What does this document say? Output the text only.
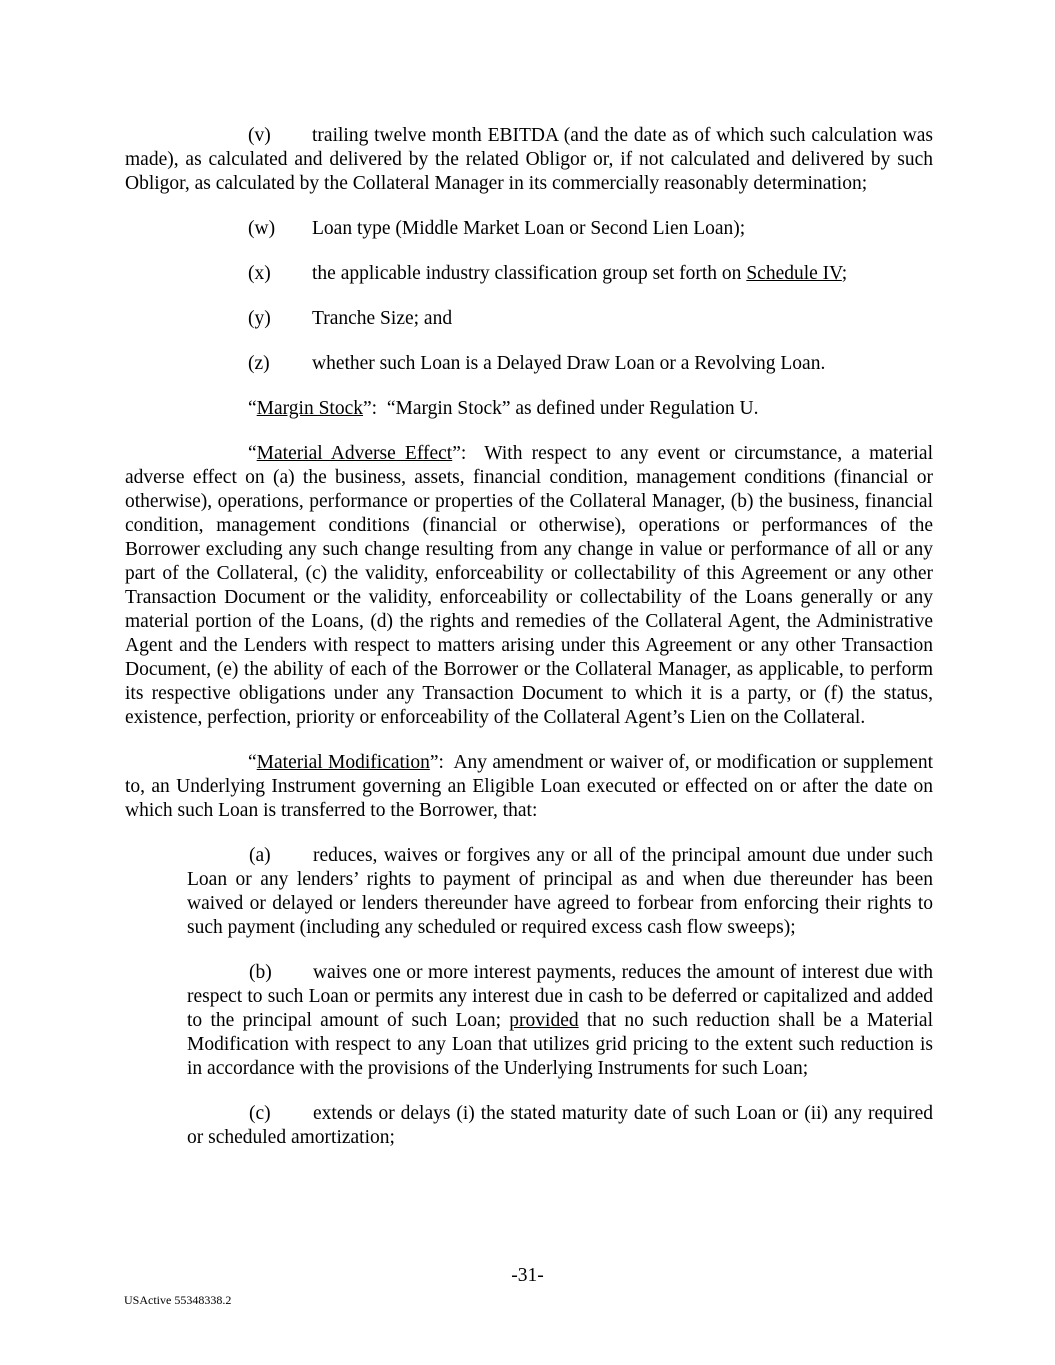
(v) trailing twelve month EBITDA (and the date as of which such calculation was made), as calculated and delivered by the related Obligor or, if not calculated and delivered by such Obligor, as calculated by the Collateral Manager in its commercially reasonably determination;

(w) Loan type (Middle Market Loan or Second Lien Loan);

(x) the applicable industry classification group set forth on Schedule IV;

(y) Tranche Size; and

(z) whether such Loan is a Delayed Draw Loan or a Revolving Loan.

“Margin Stock”:  “Margin Stock” as defined under Regulation U.

“Material Adverse Effect”:  With respect to any event or circumstance, a material adverse effect on (a) the business, assets, financial condition, management conditions (financial or otherwise), operations, performance or properties of the Collateral Manager, (b) the business, financial condition, management conditions (financial or otherwise), operations or performances of the Borrower excluding any such change resulting from any change in value or performance of all or any part of the Collateral, (c) the validity, enforceability or collectability of this Agreement or any other Transaction Document or the validity, enforceability or collectability of the Loans generally or any material portion of the Loans, (d) the rights and remedies of the Collateral Agent, the Administrative Agent and the Lenders with respect to matters arising under this Agreement or any other Transaction Document, (e) the ability of each of the Borrower or the Collateral Manager, as applicable, to perform its respective obligations under any Transaction Document to which it is a party, or (f) the status, existence, perfection, priority or enforceability of the Collateral Agent’s Lien on the Collateral.

“Material Modification”:  Any amendment or waiver of, or modification or supplement to, an Underlying Instrument governing an Eligible Loan executed or effected on or after the date on which such Loan is transferred to the Borrower, that:

(a) reduces, waives or forgives any or all of the principal amount due under such Loan or any lenders’ rights to payment of principal as and when due thereunder has been waived or delayed or lenders thereunder have agreed to forbear from enforcing their rights to such payment (including any scheduled or required excess cash flow sweeps);

(b) waives one or more interest payments, reduces the amount of interest due with respect to such Loan or permits any interest due in cash to be deferred or capitalized and added to the principal amount of such Loan; provided that no such reduction shall be a Material Modification with respect to any Loan that utilizes grid pricing to the extent such reduction is in accordance with the provisions of the Underlying Instruments for such Loan;

(c) extends or delays (i) the stated maturity date of such Loan or (ii) any required or scheduled amortization;

-31-
USActive 55348338.2
